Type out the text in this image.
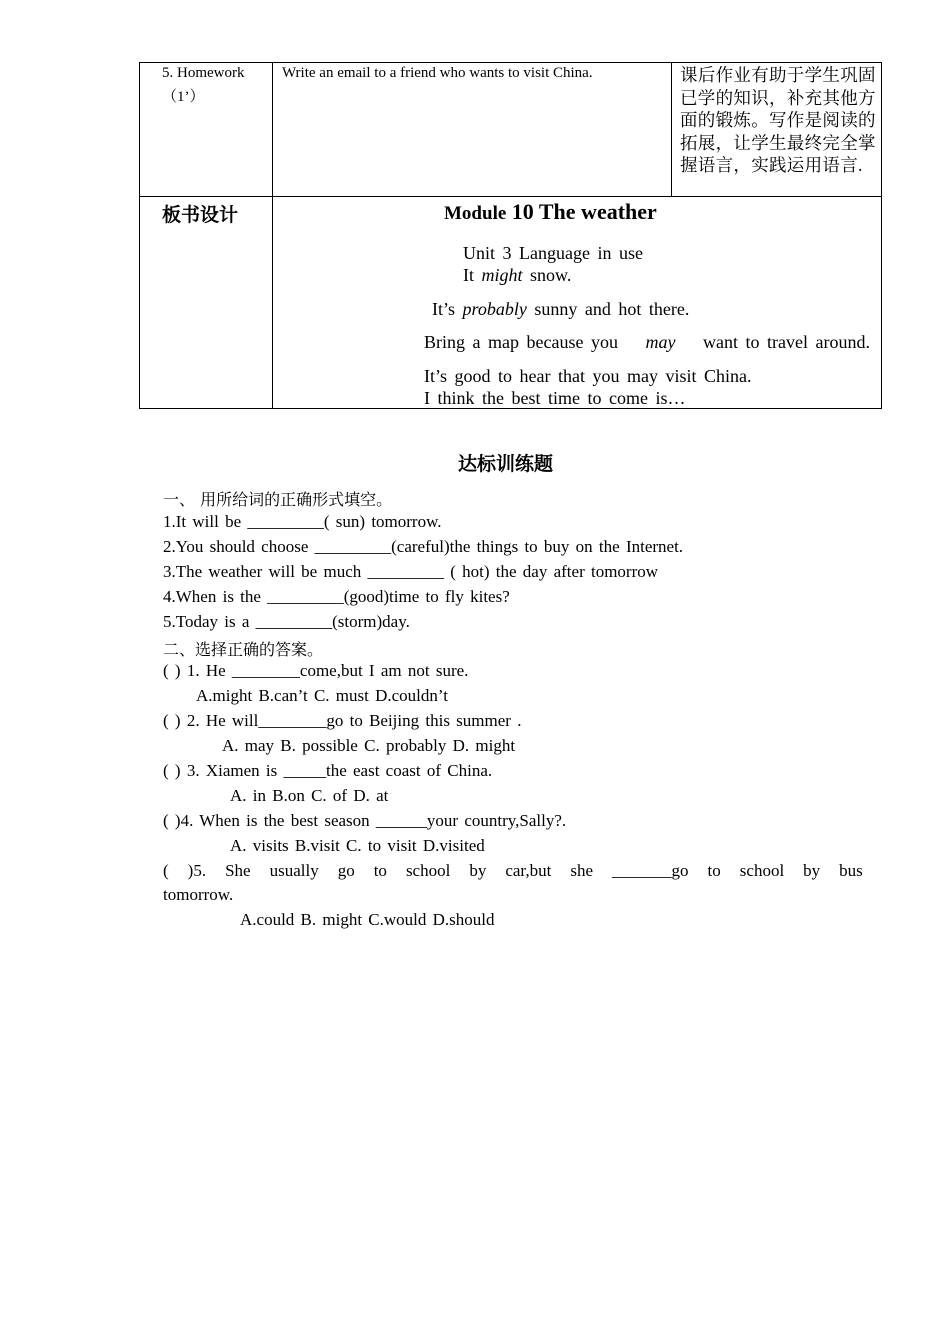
5. Homework
（1’）
Write an email to a friend who wants to visit China.	课后作业有助于学生巩固已学的知识，补充其他方面的锻炼。写作是阅读的拓展，让学生最终完全掌握语言，实践运用语言.
板书设计	Module 10 The weather
Unit 3 Language in use
It might snow.
It’s probably sunny and hot there.
Bring a map because you may want to travel around.
It’s good to hear that you may visit China.
I think the best time to come is…
达标训练题
一、 用所给词的正确形式填空。
1.It will be _________( sun) tomorrow.
2.You should choose _________(careful)the things to buy on the Internet.
3.The weather will be much _________ ( hot) the day after tomorrow
4.When is the _________(good)time to fly kites?
5.Today is a _________(storm)day.
二、选择正确的答案。
( ) 1. He ________come,but I am not sure.
A.might B.can’t C. must D.couldn’t
( ) 2. He will________go to Beijing this summer .
A. may B. possible C. probably D. might
( ) 3. Xiamen is _____the east coast of China.
A. in B.on C. of D. at
( )4. When is the best season ______your country,Sally?.
A. visits B.visit C. to visit D.visited
( )5. She usually go to school by car,but she _______go to school by bus
tomorrow.
A.could B. might C.would D.should
